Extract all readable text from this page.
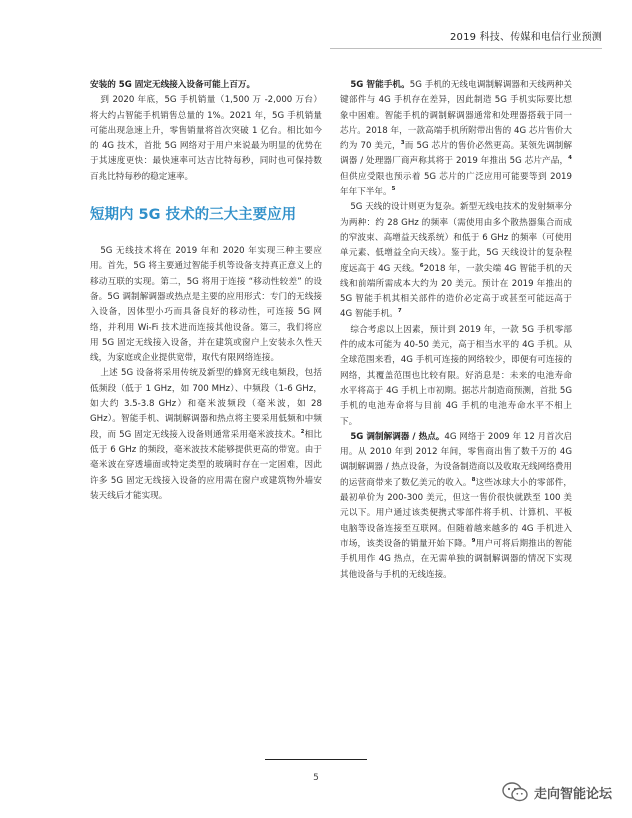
2019 科技、传媒和电信行业预测

安装的 5G 固定无线接入设备可能上百万。

到 2020 年底，5G 手机销量（1,500 万 -2,000 万台）将大约占智能手机销售总量的 1%。2021 年，5G 手机销量可能出现急速上升，零售销量将首次突破 1 亿台。相比如今的 4G 技术，首批 5G 网络对于用户来说最为明显的优势在于其速度更快：最快速率可达吉比特每秒，同时也可保持数百兆比特每秒的稳定速率。

短期内 5G 技术的三大主要应用

5G 无线技术将在 2019 年和 2020 年实现三种主要应用。首先，5G 将主要通过智能手机等设备支持真正意义上的移动互联的实现。第二，5G 将用于连接 “移动性较差” 的设备。5G 调制解调器或热点是主要的应用形式：专门的无线接入设备，因体型小巧而具备良好的移动性，可连接 5G 网络，并利用 Wi-Fi 技术进而连接其他设备。第三，我们将应用 5G 固定无线接入设备，并在建筑或窗户上安装永久性天线，为家庭或企业提供宽带，取代有限网络连接。

上述 5G 设备将采用传统及新型的蜂窝无线电频段，包括低频段（低于 1 GHz，如 700 MHz）、中频段（1-6 GHz，如大约 3.5-3.8 GHz）和毫米波频段（毫米波，如 28 GHz）。智能手机、调制解调器和热点将主要采用低频和中频段，而 5G 固定无线接入设备则通常采用毫米波技术。$^2$相比低于 6 GHz 的频段，毫米波技术能够提供更高的带宽。由于毫米波在穿透墙面或特定类型的玻璃时存在一定困难，因此许多 5G 固定无线接入设备的应用需在窗户或建筑物外墙安装天线后才能实现。

5G 智能手机。5G 手机的无线电调制解调器和天线两种关键部件与 4G 手机存在差异，因此制造 5G 手机实际要比想象中困难。智能手机的调制解调器通常和处理器搭载于同一芯片。2018 年，一款高端手机所附带出售的 4G 芯片售价大约为 70 美元，$^3$而 5G 芯片的售价必然更高。某领先调制解调器 / 处理器厂商声称其将于 2019 年推出 5G 芯片产品，$^4$但供应受限也预示着 5G 芯片的广泛应用可能要等到 2019 年年下半年。$^5$

5G 天线的设计则更为复杂。新型无线电技术的发射频率分为两种：约 28 GHz 的频率（需使用由多个散热器集合而成的窄波束、高增益天线系统）和低于 6 GHz 的频率（可使用单元素、低增益全向天线）。鉴于此，5G 天线设计的复杂程度远高于 4G 天线。$^6$2018 年，一款尖端 4G 智能手机的天线和前端所需成本大约为 20 美元。预计在 2019 年推出的 5G 智能手机其相关部件的造价必定高于或甚至可能远高于 4G 智能手机。$^7$

综合考虑以上因素，预计到 2019 年，一款 5G 手机零部件的成本可能为 40-50 美元，高于相当水平的 4G 手机。从全球范围来看，4G 手机可连接的网络较少，即便有可连接的网络，其覆盖范围也比较有限。好消息是：未来的电池寿命水平将高于 4G 手机上市初期。据芯片制造商预测，首批 5G 手机的电池寿命将与目前 4G 手机的电池寿命水平不相上下。

5G 调制解调器 / 热点。4G 网络于 2009 年 12 月首次启用。从 2010 年到 2012 年间，零售商出售了数千万的 4G 调制解调器 / 热点设备，为设备制造商以及收取无线网络费用的运营商带来了数亿美元的收入。$^8$这些冰球大小的零部件，最初单价为 200-300 美元，但这一售价很快就跌至 100 美元以下。用户通过该类便携式零部件将手机、计算机、平板电脑等设备连接至互联网。但随着越来越多的 4G 手机进入市场，该类设备的销量开始下降。$^9$用户可将后期推出的智能手机用作 4G 热点，在无需单独的调制解调器的情况下实现其他设备与手机的无线连接。

5
走向智能论坛
